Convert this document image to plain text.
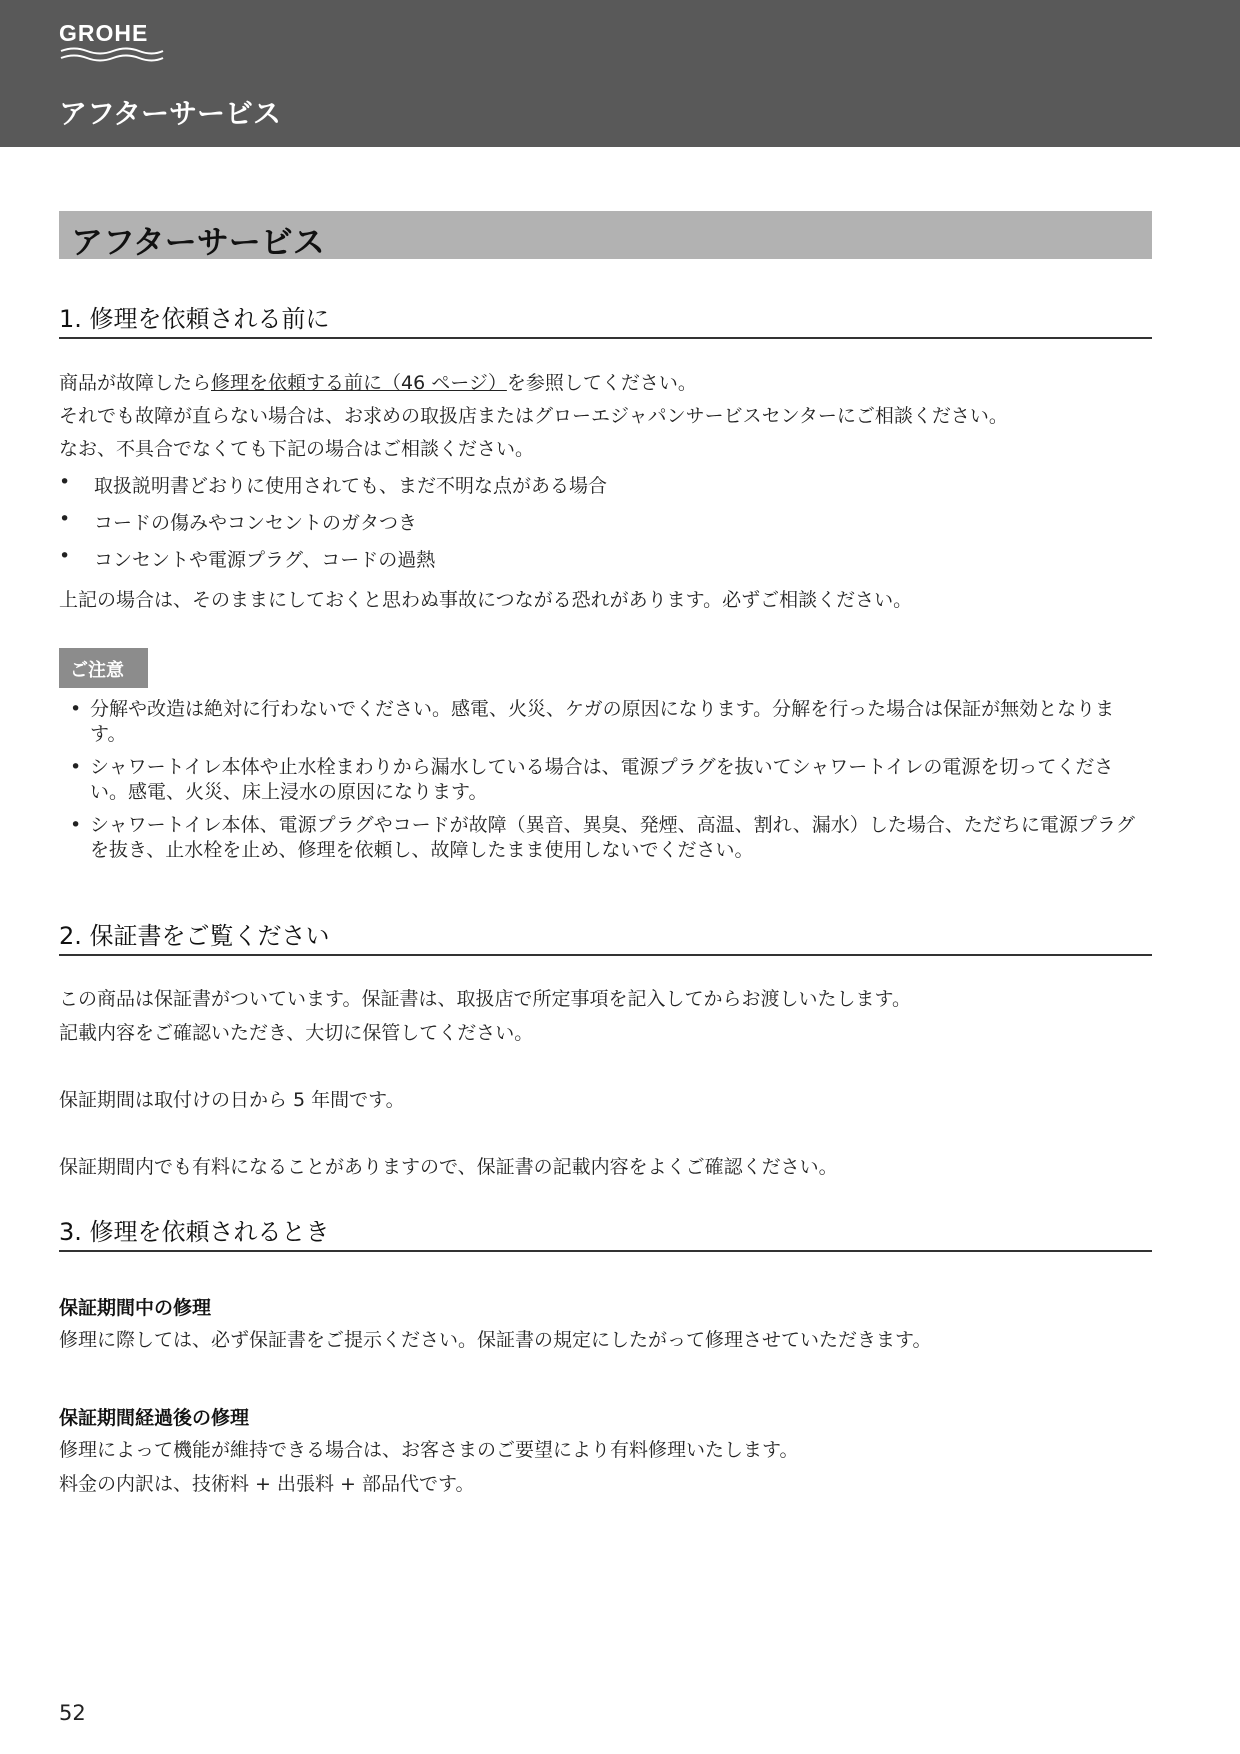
GROHE
アフターサービス
アフターサービス
1. 修理を依頼される前に
商品が故障したら修理を依頼する前に（46 ページ）を参照してください。
それでも故障が直らない場合は、お求めの取扱店またはグローエジャパンサービスセンターにご相談ください。
なお、不具合でなくても下記の場合はご相談ください。
• 取扱説明書どおりに使用されても、まだ不明な点がある場合
• コードの傷みやコンセントのガタつき
• コンセントや電源プラグ、コードの過熱
上記の場合は、そのままにしておくと思わぬ事故につながる恐れがあります。必ずご相談ください。
ご注意
• 分解や改造は絶対に行わないでください。感電、火災、ケガの原因になります。分解を行った場合は保証が無効となります。
• シャワートイレ本体や止水栓まわりから漏水している場合は、電源プラグを抜いてシャワートイレの電源を切ってください。感電、火災、床上浸水の原因になります。
• シャワートイレ本体、電源プラグやコードが故障（異音、異臭、発煙、高温、割れ、漏水）した場合、ただちに電源プラグを抜き、止水栓を止め、修理を依頼し、故障したまま使用しないでください。
2. 保証書をご覧ください
この商品は保証書がついています。保証書は、取扱店で所定事項を記入してからお渡しいたします。
記載内容をご確認いただき、大切に保管してください。
保証期間は取付けの日から 5 年間です。
保証期間内でも有料になることがありますので、保証書の記載内容をよくご確認ください。
3. 修理を依頼されるとき
保証期間中の修理
修理に際しては、必ず保証書をご提示ください。保証書の規定にしたがって修理させていただきます。
保証期間経過後の修理
修理によって機能が維持できる場合は、お客さまのご要望により有料修理いたします。
料金の内訳は、技術料 + 出張料 + 部品代です。
52
